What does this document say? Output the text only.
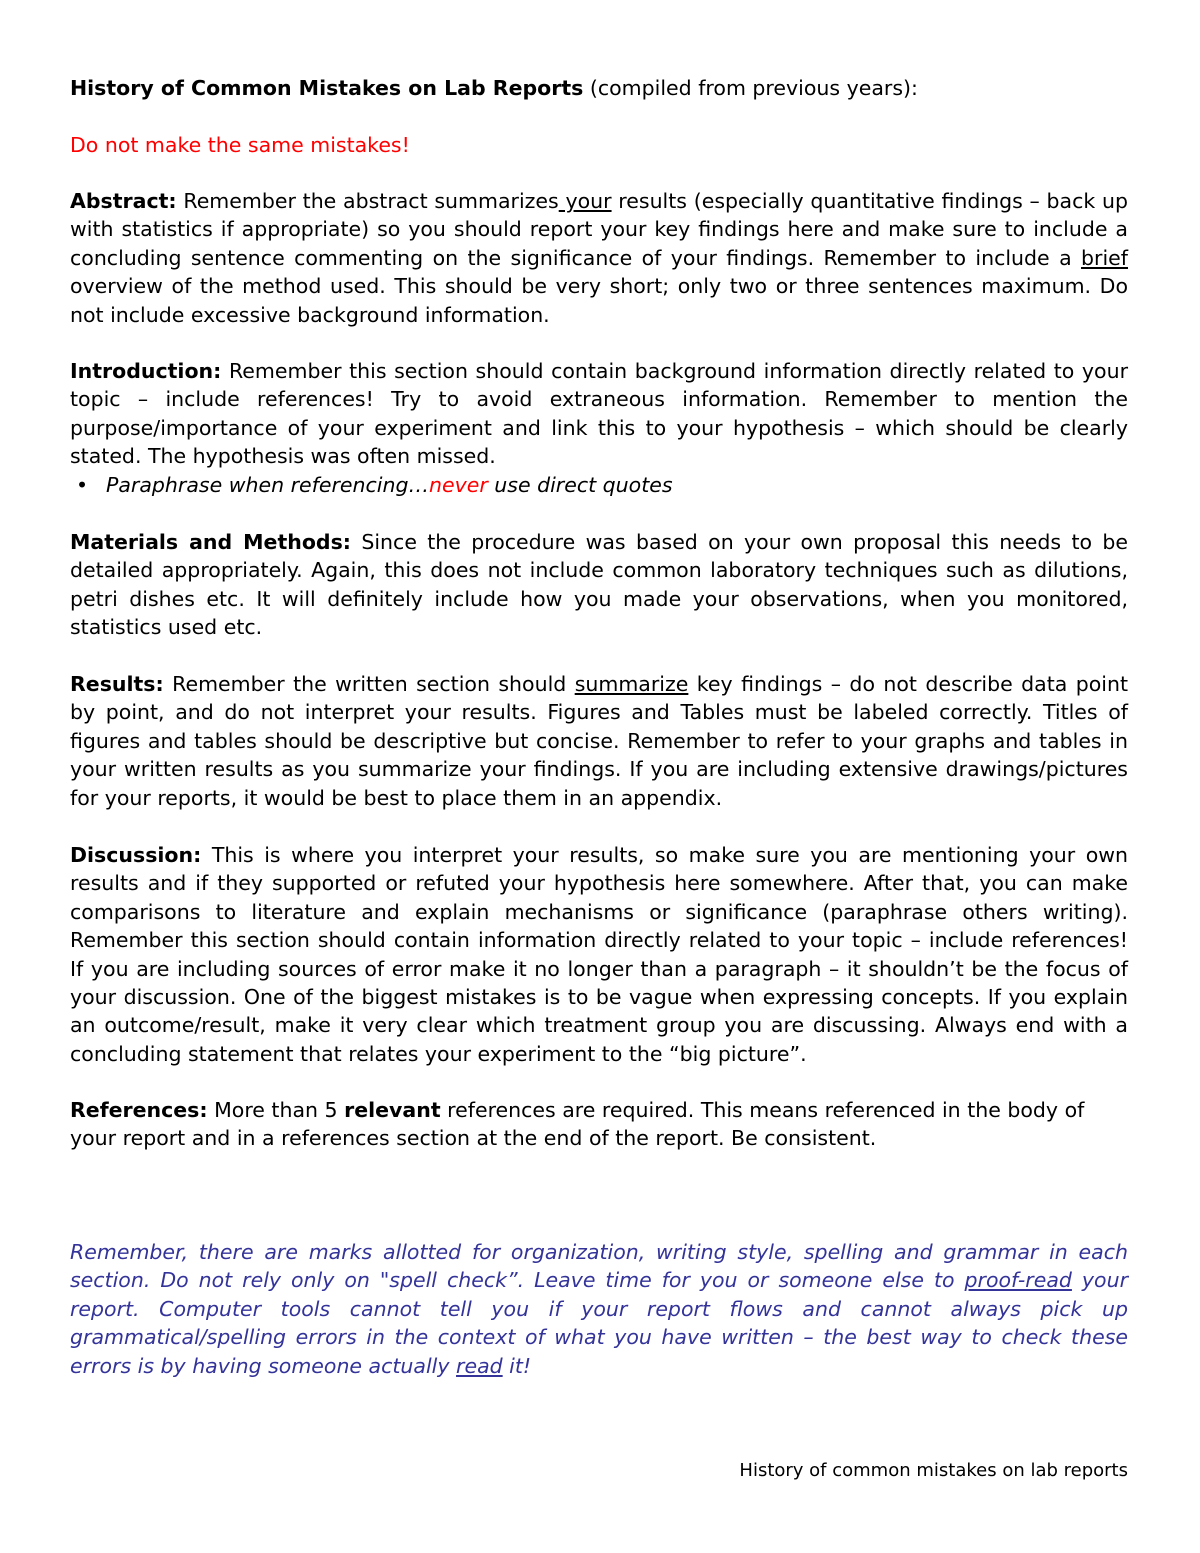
History of Common Mistakes on Lab Reports (compiled from previous years):

Do not make the same mistakes!

Abstract: Remember the abstract summarizes your results (especially quantitative findings – back up with statistics if appropriate) so you should report your key findings here and make sure to include a concluding sentence commenting on the significance of your findings. Remember to include a brief overview of the method used. This should be very short; only two or three sentences maximum. Do not include excessive background information.

Introduction: Remember this section should contain background information directly related to your topic – include references! Try to avoid extraneous information. Remember to mention the purpose/importance of your experiment and link this to your hypothesis – which should be clearly stated. The hypothesis was often missed.

• Paraphrase when referencing…never use direct quotes

Materials and Methods: Since the procedure was based on your own proposal this needs to be detailed appropriately. Again, this does not include common laboratory techniques such as dilutions, petri dishes etc. It will definitely include how you made your observations, when you monitored, statistics used etc.

Results: Remember the written section should summarize key findings – do not describe data point by point, and do not interpret your results. Figures and Tables must be labeled correctly. Titles of figures and tables should be descriptive but concise. Remember to refer to your graphs and tables in your written results as you summarize your findings. If you are including extensive drawings/pictures for your reports, it would be best to place them in an appendix.

Discussion: This is where you interpret your results, so make sure you are mentioning your own results and if they supported or refuted your hypothesis here somewhere. After that, you can make comparisons to literature and explain mechanisms or significance (paraphrase others writing). Remember this section should contain information directly related to your topic – include references! If you are including sources of error make it no longer than a paragraph – it shouldn’t be the focus of your discussion. One of the biggest mistakes is to be vague when expressing concepts. If you explain an outcome/result, make it very clear which treatment group you are discussing. Always end with a concluding statement that relates your experiment to the “big picture”.

References: More than 5 relevant references are required. This means referenced in the body of your report and in a references section at the end of the report. Be consistent.

Remember, there are marks allotted for organization, writing style, spelling and grammar in each section. Do not rely only on "spell check”. Leave time for you or someone else to proof-read your report. Computer tools cannot tell you if your report flows and cannot always pick up grammatical/spelling errors in the context of what you have written – the best way to check these errors is by having someone actually read it!

History of common mistakes on lab reports
